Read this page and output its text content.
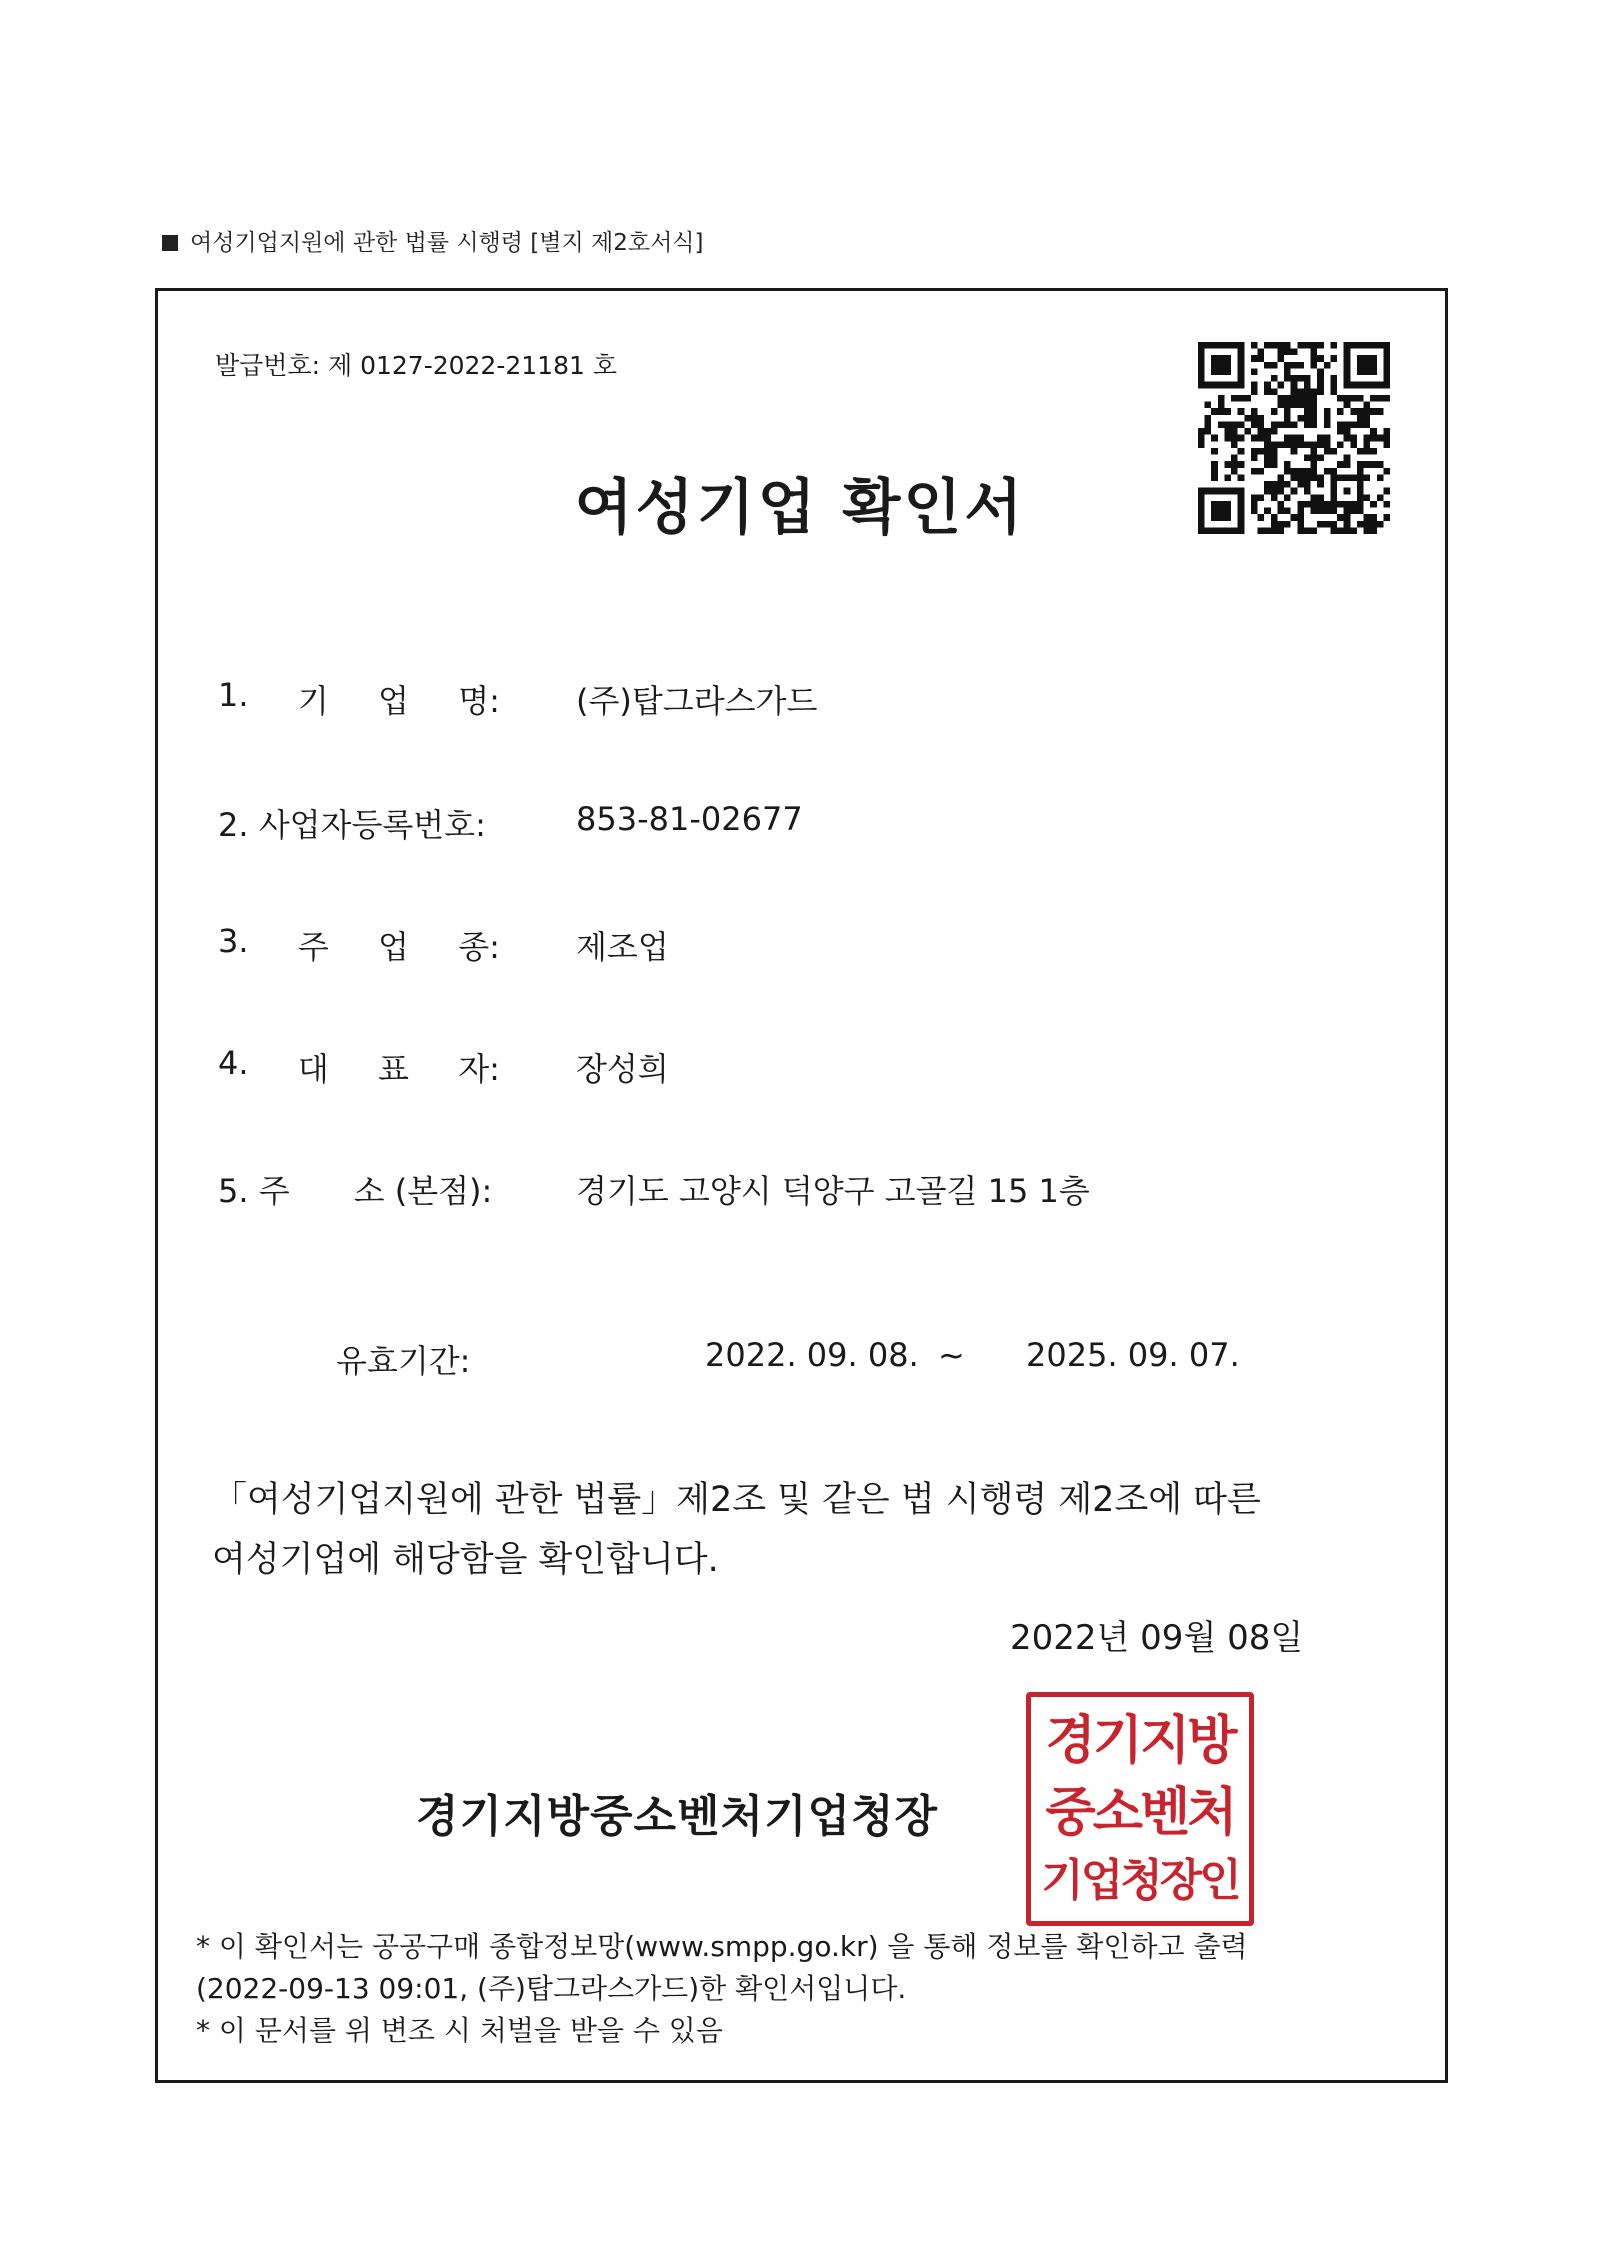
여성기업지원에 관한 법률 시행령 [별지 제2호서식]
발급번호: 제 0127-2022-21181 호
여성기업 확인서
1. 기 업 명: (주)탑그라스가드
2. 사업자등록번호:	853-81-02677
3. 주 업 종: 제조업
4. 대 표 자: 장성희
5. 주 소 (본점):	경기도 고양시 덕양구 고골길 15 1층
유효기간:	2022. 09. 08. ~ 2025. 09. 07.
「여성기업지원에 관한 법률」제2조 및 같은 법 시행령 제2조에 따른
여성기업에 해당함을 확인합니다.
2022년 09월 08일
경기지방중소벤처기업청장
경기지방
중소벤처
기업청장인
* 이 확인서는 공공구매 종합정보망(www.smpp.go.kr) 을 통해 정보를 확인하고 출력
(2022-09-13 09:01, (주)탑그라스가드)한 확인서입니다.
* 이 문서를 위 변조 시 처벌을 받을 수 있음
